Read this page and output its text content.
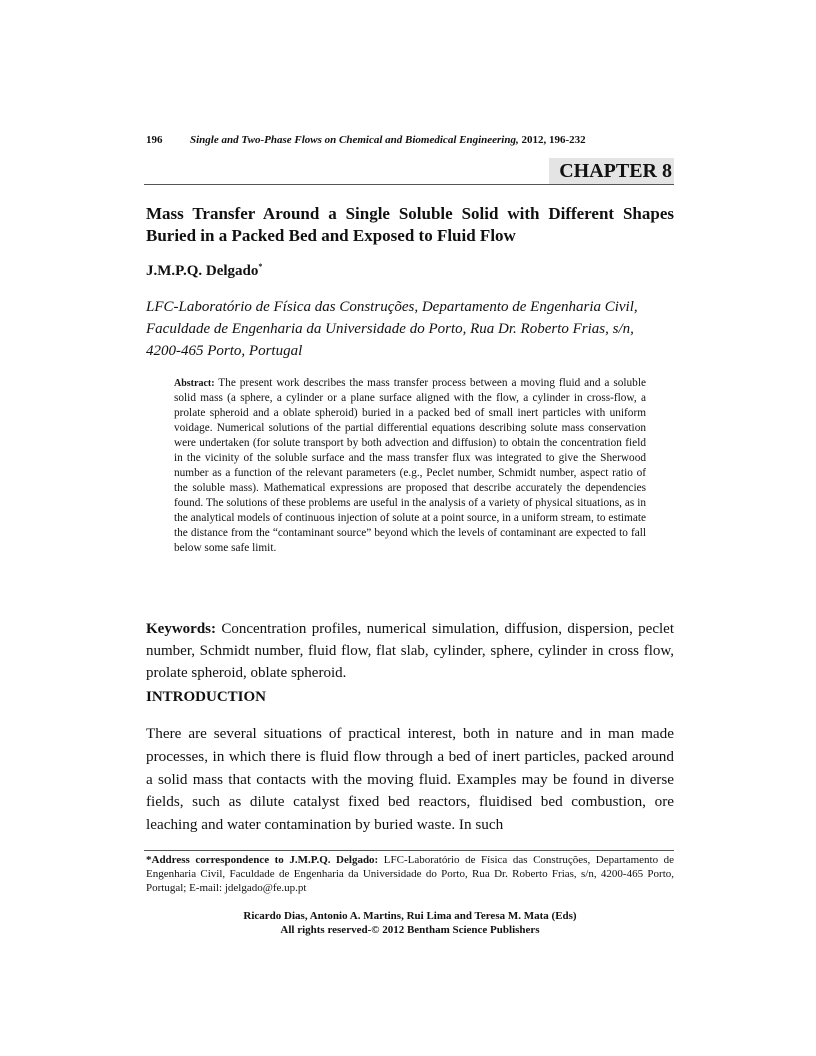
196	Single and Two-Phase Flows on Chemical and Biomedical Engineering, 2012, 196-232
CHAPTER 8
Mass Transfer Around a Single Soluble Solid with Different Shapes Buried in a Packed Bed and Exposed to Fluid Flow
J.M.P.Q. Delgado*
LFC-Laboratório de Física das Construções, Departamento de Engenharia Civil,
Faculdade de Engenharia da Universidade do Porto, Rua Dr. Roberto Frias, s/n,
4200-465 Porto, Portugal
Abstract: The present work describes the mass transfer process between a moving fluid and a soluble solid mass (a sphere, a cylinder or a plane surface aligned with the flow, a cylinder in cross-flow, a prolate spheroid and a oblate spheroid) buried in a packed bed of small inert particles with uniform voidage. Numerical solutions of the partial differential equations describing solute mass conservation were undertaken (for solute transport by both advection and diffusion) to obtain the concentration field in the vicinity of the soluble surface and the mass transfer flux was integrated to give the Sherwood number as a function of the relevant parameters (e.g., Peclet number, Schmidt number, aspect ratio of the soluble mass). Mathematical expressions are proposed that describe accurately the dependencies found. The solutions of these problems are useful in the analysis of a variety of physical situations, as in the analytical models of continuous injection of solute at a point source, in a uniform stream, to estimate the distance from the “contaminant source” beyond which the levels of contaminant are expected to fall below some safe limit.
Keywords: Concentration profiles, numerical simulation, diffusion, dispersion, peclet number, Schmidt number, fluid flow, flat slab, cylinder, sphere, cylinder in cross flow, prolate spheroid, oblate spheroid.
INTRODUCTION
There are several situations of practical interest, both in nature and in man made processes, in which there is fluid flow through a bed of inert particles, packed around a solid mass that contacts with the moving fluid. Examples may be found in diverse fields, such as dilute catalyst fixed bed reactors, fluidised bed combustion, ore leaching and water contamination by buried waste. In such
*Address correspondence to J.M.P.Q. Delgado: LFC-Laboratório de Física das Construções, Departamento de Engenharia Civil, Faculdade de Engenharia da Universidade do Porto, Rua Dr. Roberto Frias, s/n, 4200-465 Porto, Portugal; E-mail: jdelgado@fe.up.pt
Ricardo Dias, Antonio A. Martins, Rui Lima and Teresa M. Mata (Eds)
All rights reserved-© 2012 Bentham Science Publishers
